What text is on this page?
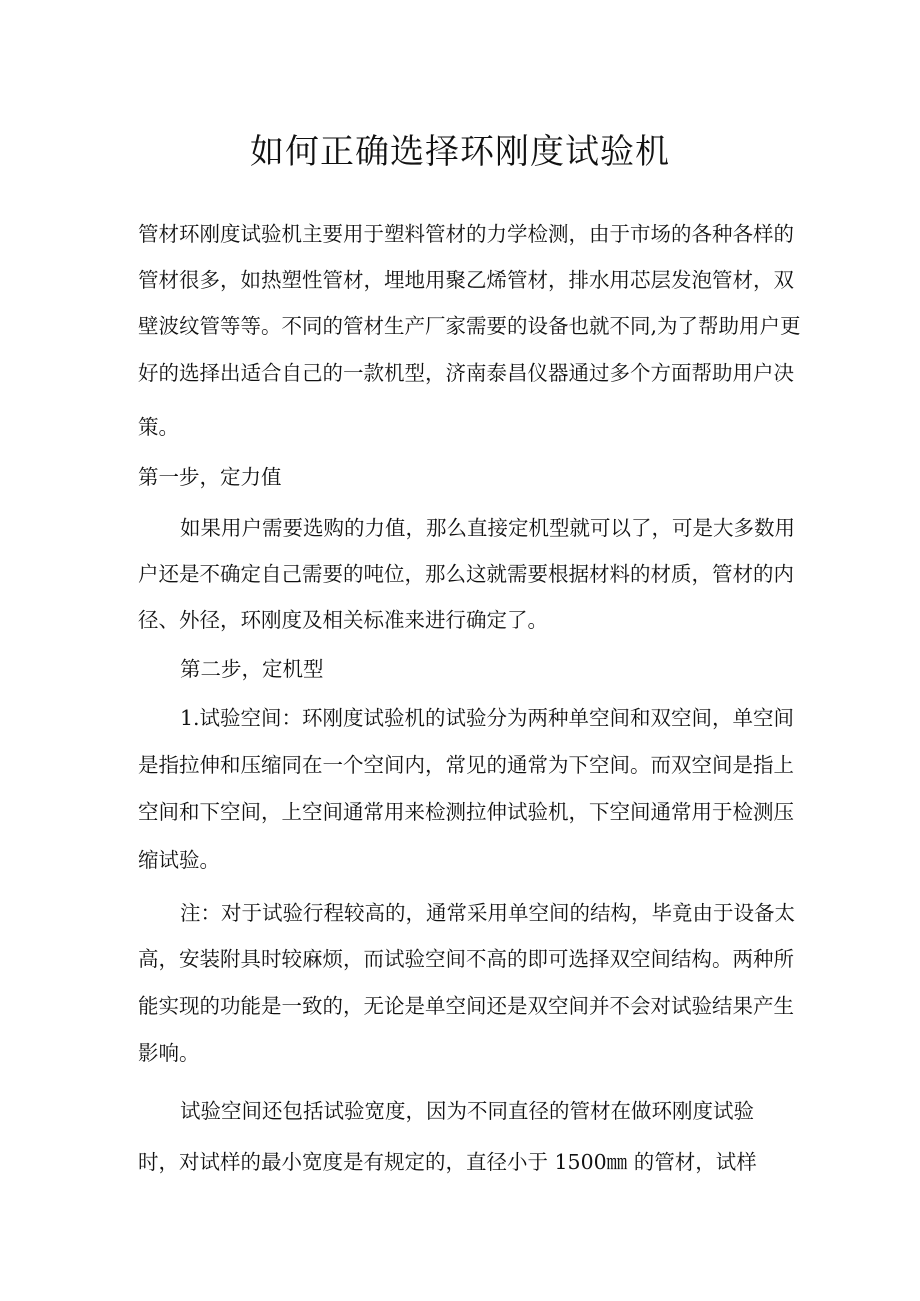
如何正确选择环刚度试验机
管材环刚度试验机主要用于塑料管材的力学检测，由于市场的各种各样的
管材很多，如热塑性管材，埋地用聚乙烯管材，排水用芯层发泡管材，双
壁波纹管等等。不同的管材生产厂家需要的设备也就不同,为了帮助用户更
好的选择出适合自己的一款机型，济南泰昌仪器通过多个方面帮助用户决
策。
第一步，定力值
如果用户需要选购的力值，那么直接定机型就可以了，可是大多数用
户还是不确定自己需要的吨位，那么这就需要根据材料的材质，管材的内
径、外径，环刚度及相关标准来进行确定了。
第二步，定机型
1.试验空间：环刚度试验机的试验分为两种单空间和双空间，单空间
是指拉伸和压缩同在一个空间内，常见的通常为下空间。而双空间是指上
空间和下空间，上空间通常用来检测拉伸试验机，下空间通常用于检测压
缩试验。
注：对于试验行程较高的，通常采用单空间的结构，毕竟由于设备太
高，安装附具时较麻烦，而试验空间不高的即可选择双空间结构。两种所
能实现的功能是一致的，无论是单空间还是双空间并不会对试验结果产生
影响。
试验空间还包括试验宽度，因为不同直径的管材在做环刚度试验
时，对试样的最小宽度是有规定的，直径小于 1500㎜ 的管材，试样
